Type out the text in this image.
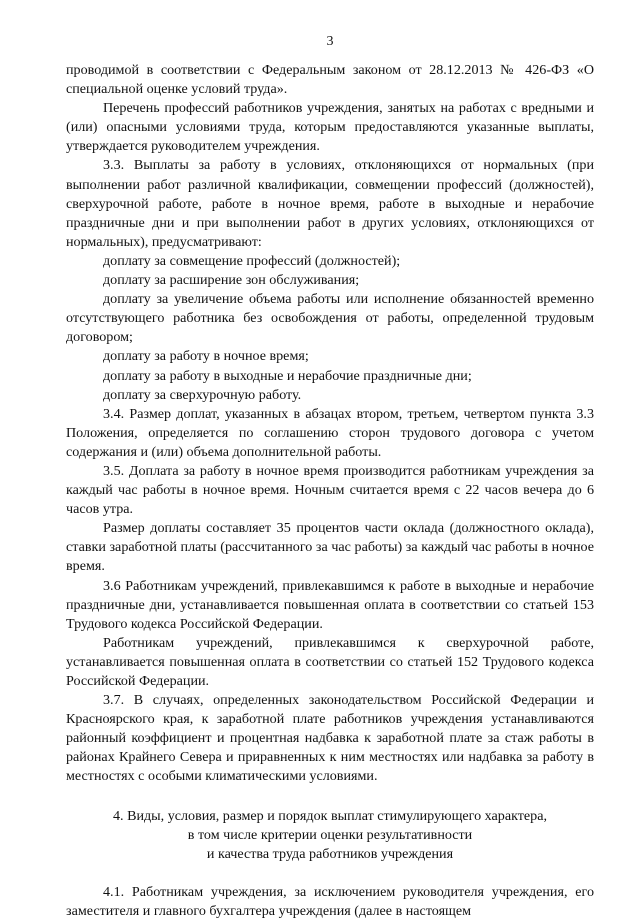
3

проводимой в соответствии с Федеральным законом от 28.12.2013 № 426-ФЗ «О специальной оценке условий труда».

Перечень профессий работников учреждения, занятых на работах с вредными и (или) опасными условиями труда, которым предоставляются указанные выплаты, утверждается руководителем учреждения.

3.3. Выплаты за работу в условиях, отклоняющихся от нормальных (при выполнении работ различной квалификации, совмещении профессий (должностей), сверхурочной работе, работе в ночное время, работе в выходные и нерабочие праздничные дни и при выполнении работ в других условиях, отклоняющихся от нормальных), предусматривают:

доплату за совмещение профессий (должностей);

доплату за расширение зон обслуживания;

доплату за увеличение объема работы или исполнение обязанностей временно отсутствующего работника без освобождения от работы, определенной трудовым договором;

доплату за работу в ночное время;

доплату за работу в выходные и нерабочие праздничные дни;

доплату за сверхурочную работу.

3.4. Размер доплат, указанных в абзацах втором, третьем, четвертом пункта 3.3 Положения, определяется по соглашению сторон трудового договора с учетом содержания и (или) объема дополнительной работы.

3.5. Доплата за работу в ночное время производится работникам учреждения за каждый час работы в ночное время. Ночным считается время с 22 часов вечера до 6 часов утра.

Размер доплаты составляет 35 процентов части оклада (должностного оклада), ставки заработной платы (рассчитанного за час работы) за каждый час работы в ночное время.

3.6 Работникам учреждений, привлекавшимся к работе в выходные и нерабочие праздничные дни, устанавливается повышенная оплата в соответствии со статьей 153 Трудового кодекса Российской Федерации.

Работникам учреждений, привлекавшимся к сверхурочной работе, устанавливается повышенная оплата в соответствии со статьей 152 Трудового кодекса Российской Федерации.

3.7. В случаях, определенных законодательством Российской Федерации и Красноярского края, к заработной плате работников учреждения устанавливаются районный коэффициент и процентная надбавка к заработной плате за стаж работы в районах Крайнего Севера и приравненных к ним местностях или надбавка за работу в местностях с особыми климатическими условиями.

4. Виды, условия, размер и порядок выплат стимулирующего характера,
в том числе критерии оценки результативности
и качества труда работников учреждения

4.1. Работникам учреждения, за исключением руководителя учреждения, его заместителя и главного бухгалтера учреждения (далее в настоящем
